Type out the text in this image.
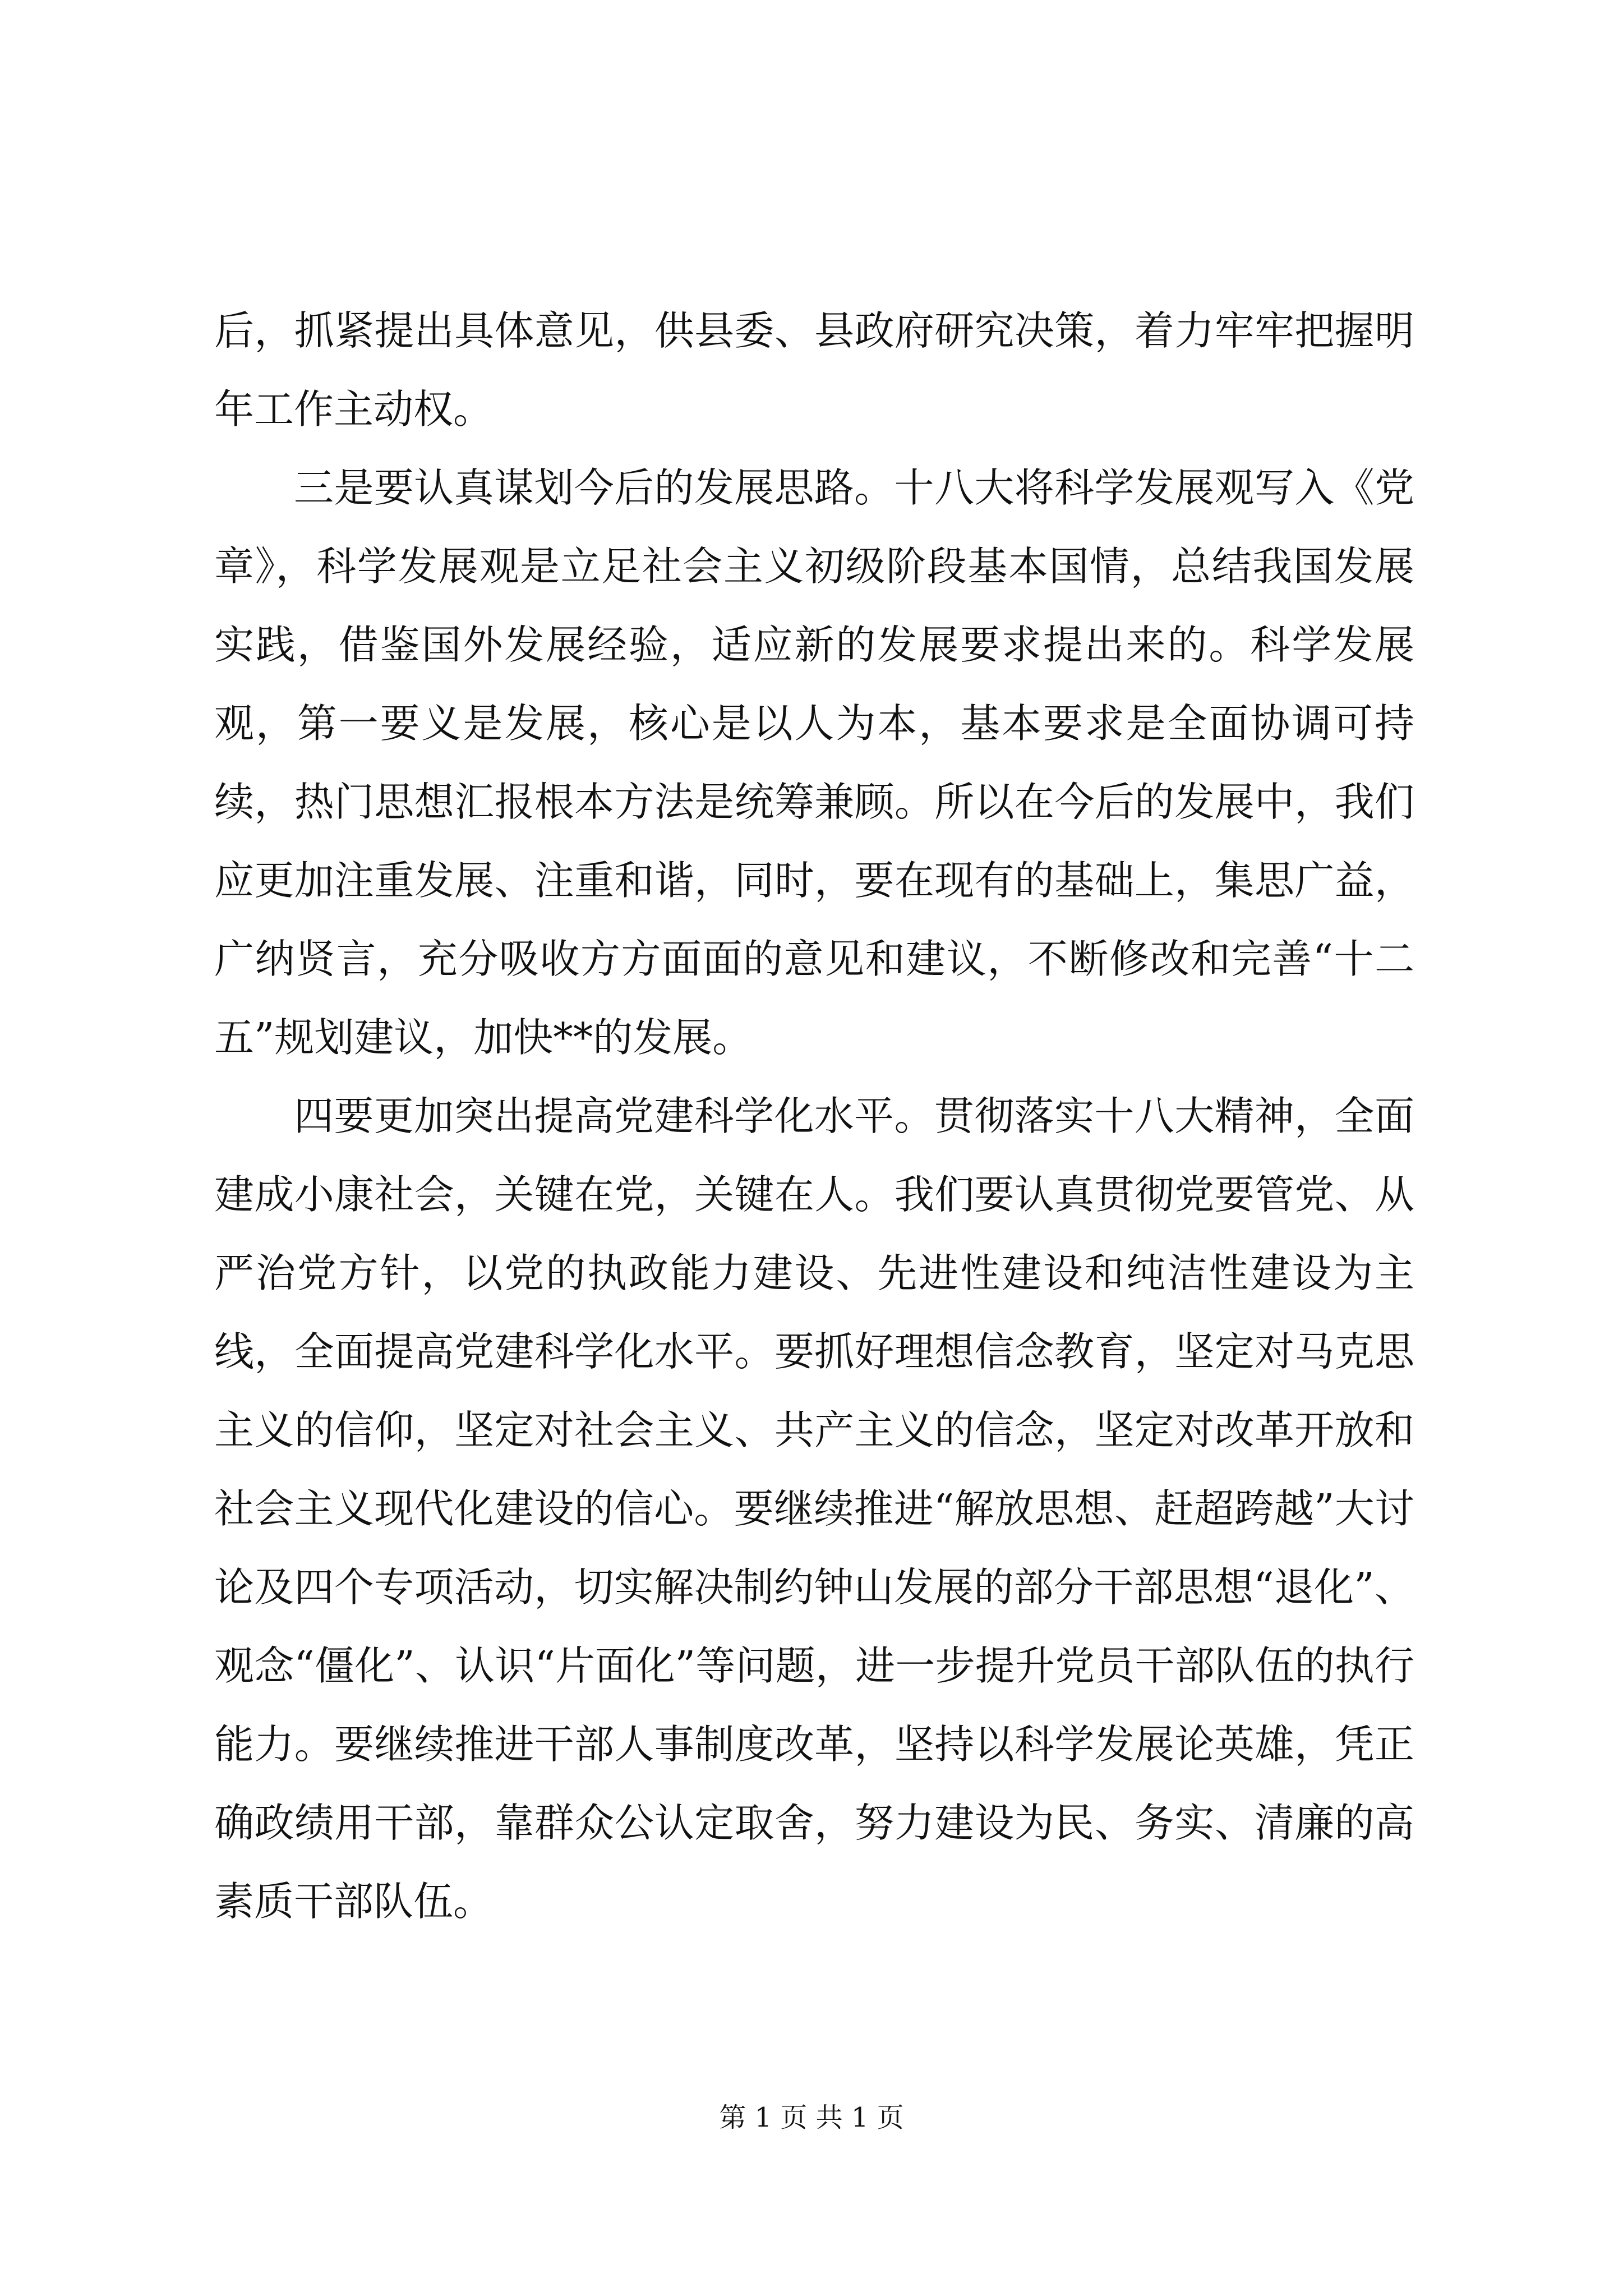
后，抓紧提出具体意见，供县委、县政府研究决策，着力牢牢把握明年工作主动权。

三是要认真谋划今后的发展思路。十八大将科学发展观写入《党章》，科学发展观是立足社会主义初级阶段基本国情，总结我国发展实践，借鉴国外发展经验，适应新的发展要求提出来的。科学发展观，第一要义是发展，核心是以人为本，基本要求是全面协调可持续，热门思想汇报根本方法是统筹兼顾。所以在今后的发展中，我们应更加注重发展、注重和谐，同时，要在现有的基础上，集思广益，广纳贤言，充分吸收方方面面的意见和建议，不断修改和完善“十二五”规划建议，加快**的发展。

四要更加突出提高党建科学化水平。贯彻落实十八大精神，全面建成小康社会，关键在党，关键在人。我们要认真贯彻党要管党、从严治党方针，以党的执政能力建设、先进性建设和纯洁性建设为主线，全面提高党建科学化水平。要抓好理想信念教育，坚定对马克思主义的信仰，坚定对社会主义、共产主义的信念，坚定对改革开放和社会主义现代化建设的信心。要继续推进“解放思想、赶超跨越”大讨论及四个专项活动，切实解决制约钟山发展的部分干部思想“退化”、观念“僵化”、认识“片面化”等问题，进一步提升党员干部队伍的执行能力。要继续推进干部人事制度改革，坚持以科学发展论英雄，凭正确政绩用干部，靠群众公认定取舍，努力建设为民、务实、清廉的高素质干部队伍。

第 1 页 共 1 页
